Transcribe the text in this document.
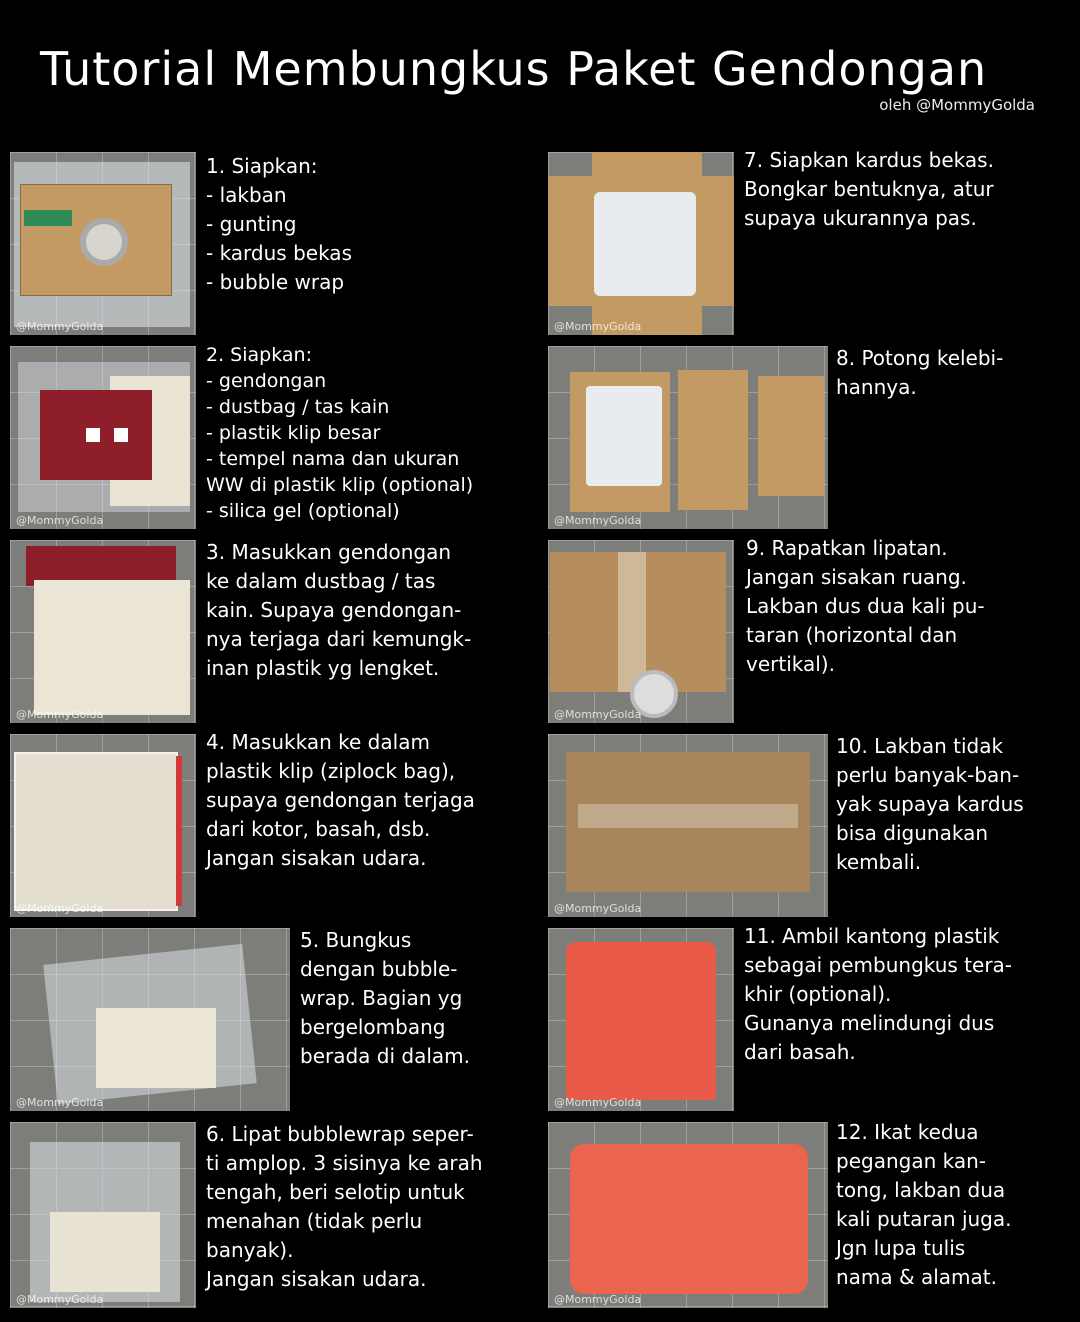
Tutorial Membungkus Paket Gendongan
oleh @MommyGolda
@MommyGolda
@MommyGolda
@MommyGolda
@MommyGolda
@MommyGolda
@MommyGolda
@MommyGolda
@MommyGolda
@MommyGolda
@MommyGolda
@MommyGolda
@MommyGolda
1. Siapkan:
- lakban
- gunting
- kardus bekas
- bubble wrap
2. Siapkan:
- gendongan
- dustbag / tas kain
- plastik klip besar
- tempel nama dan ukuran
WW di plastik klip (optional)
- silica gel (optional)
3. Masukkan gendongan
ke dalam dustbag / tas
kain. Supaya gendongan-
nya terjaga dari kemungk-
inan plastik yg lengket.
4. Masukkan ke dalam
plastik klip (ziplock bag),
supaya gendongan terjaga
dari kotor, basah, dsb.
Jangan sisakan udara.
5. Bungkus
dengan bubble-
wrap. Bagian yg
bergelombang
berada di dalam.
6. Lipat bubblewrap seper-
ti amplop. 3 sisinya ke arah
tengah, beri selotip untuk
menahan (tidak perlu
banyak).
Jangan sisakan udara.
7. Siapkan kardus bekas.
Bongkar bentuknya, atur
supaya ukurannya pas.
8. Potong kelebi-
hannya.
9. Rapatkan lipatan.
Jangan sisakan ruang.
Lakban dus dua kali pu-
taran (horizontal dan
vertikal).
10. Lakban tidak
perlu banyak-ban-
yak supaya kardus
bisa digunakan
kembali.
11. Ambil kantong plastik
sebagai pembungkus tera-
khir (optional).
Gunanya melindungi dus
dari basah.
12. Ikat kedua
pegangan kan-
tong, lakban dua
kali putaran juga.
Jgn lupa tulis
nama & alamat.
